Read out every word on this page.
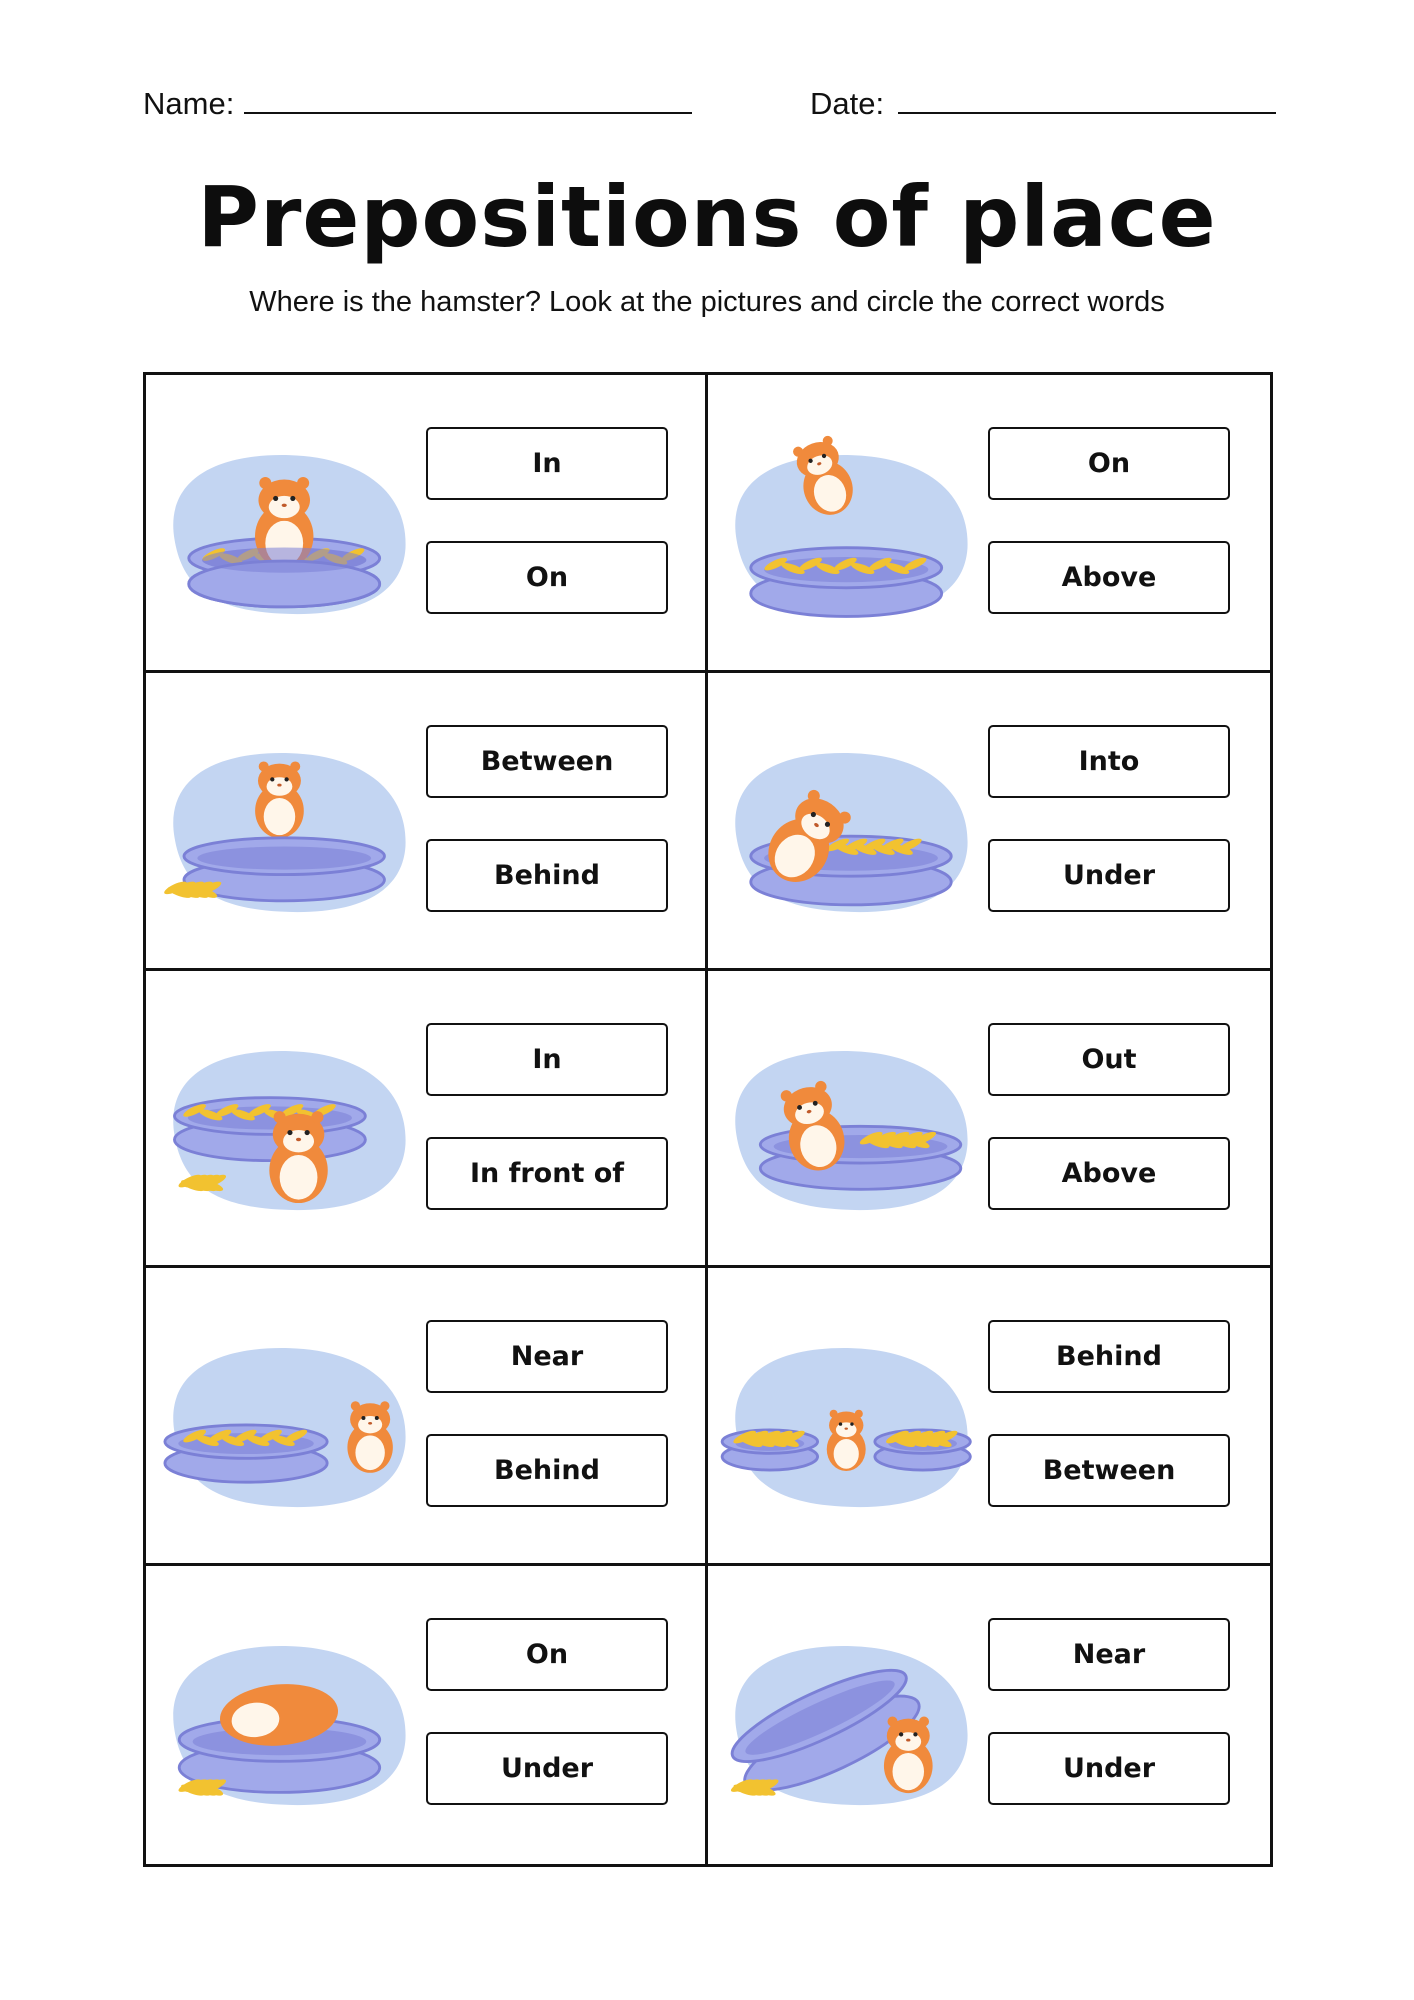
Name:	Date:
Prepositions of place
Where is the hamster? Look at the pictures and circle the correct words
In
On
On
Above
Between
Behind
Into
Under
In
In front of
Out
Above
Near
Behind
Behind
Between
On
Under
Near
Under
